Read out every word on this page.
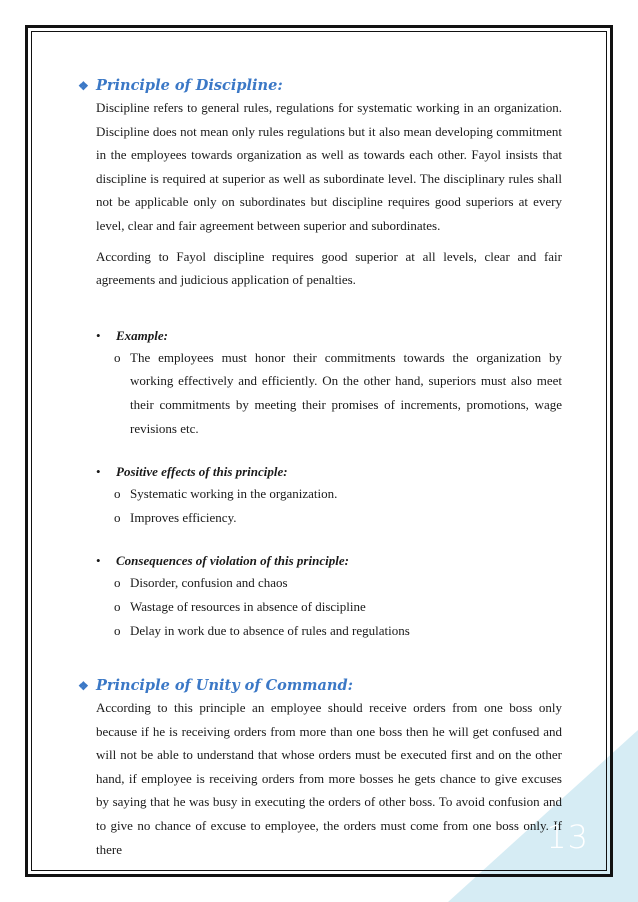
❖ Principle of Discipline:

Discipline refers to general rules, regulations for systematic working in an organization. Discipline does not mean only rules regulations but it also mean developing commitment in the employees towards organization as well as towards each other. Fayol insists that discipline is required at superior as well as subordinate level. The disciplinary rules shall not be applicable only on subordinates but discipline requires good superiors at every level, clear and fair agreement between superior and subordinates.

According to Fayol discipline requires good superior at all levels, clear and fair agreements and judicious application of penalties.

•	Example:
o The employees must honor their commitments towards the organization by working effectively and efficiently. On the other hand, superiors must also meet their commitments by meeting their promises of increments, promotions, wage revisions etc.
•	Positive effects of this principle:
o Systematic working in the organization.
o Improves efficiency.
•	Consequences of violation of this principle:
o Disorder, confusion and chaos
o Wastage of resources in absence of discipline
o Delay in work due to absence of rules and regulations
❖ Principle of Unity of Command:

According to this principle an employee should receive orders from one boss only because if he is receiving orders from more than one boss then he will get confused and will not be able to understand that whose orders must be executed first and on the other hand, if employee is receiving orders from more bosses he gets chance to give excuses by saying that he was busy in executing the orders of other boss. To avoid confusion and to give no chance of excuse to employee, the orders must come from one boss only. If there	13
